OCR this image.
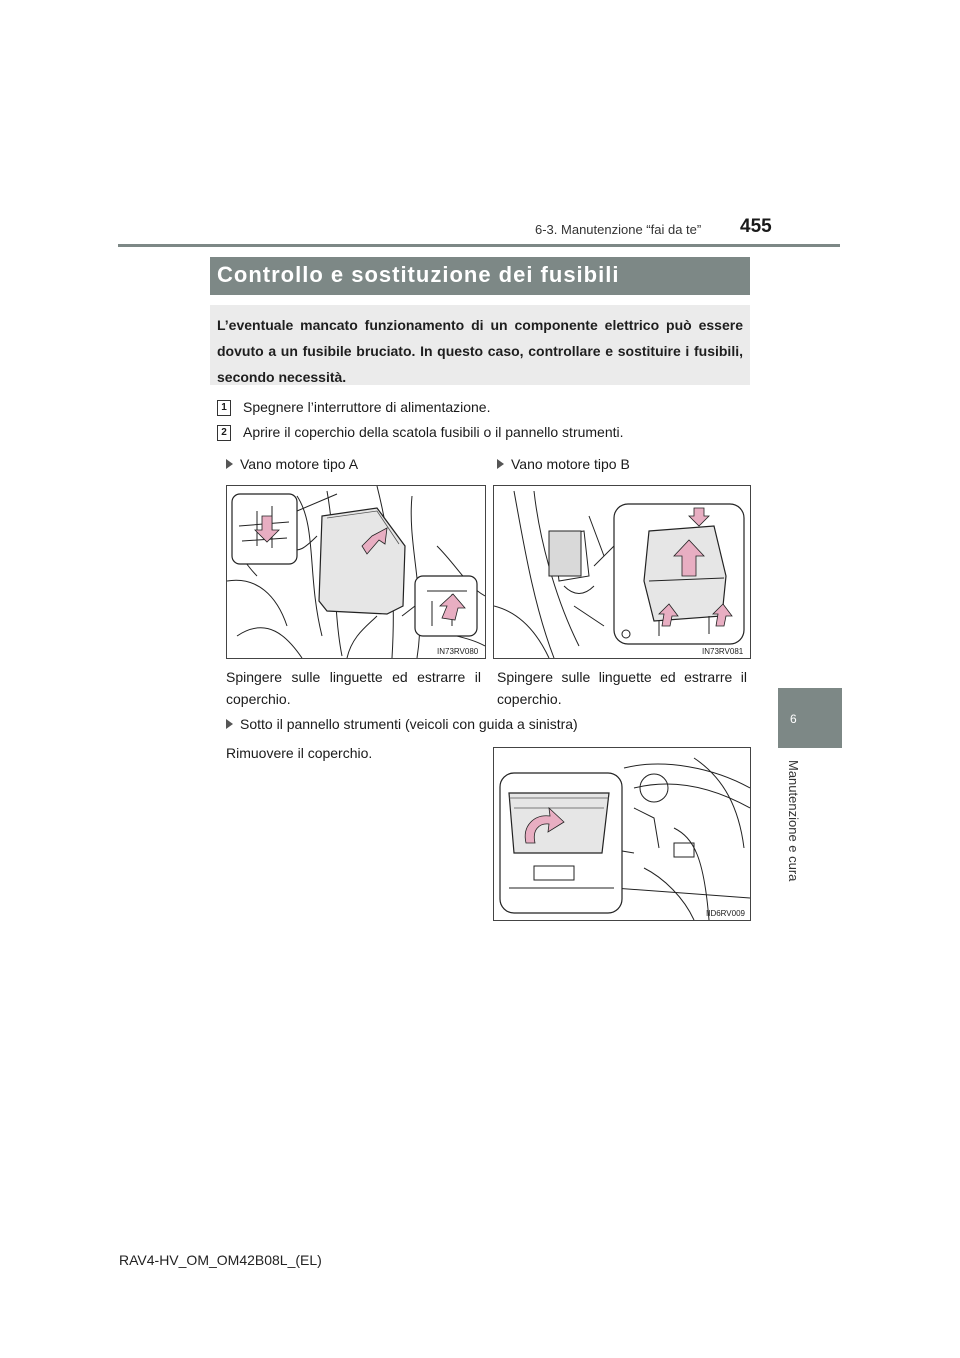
6-3. Manutenzione “fai da te” 455
6
Manutenzione e cura
Controllo e sostituzione dei fusibili
L’eventuale mancato funzionamento di un componente elettrico può essere dovuto a un fusibile bruciato. In questo caso, controllare e sostituire i fusibili, secondo necessità.
1	Spegnere l’interruttore di alimentazione.
2	Aprire il coperchio della scatola fusibili o il pannello strumenti.
Vano motore tipo A	Vano motore tipo B
IN73RV080	IN73RV081
Spingere sulle linguette ed estrarre il coperchio.
Spingere sulle linguette ed estrarre il coperchio.
Sotto il pannello strumenti (veicoli con guida a sinistra)
Rimuovere il coperchio.
IID6RV009
RAV4-HV_OM_OM42B08L_(EL)
